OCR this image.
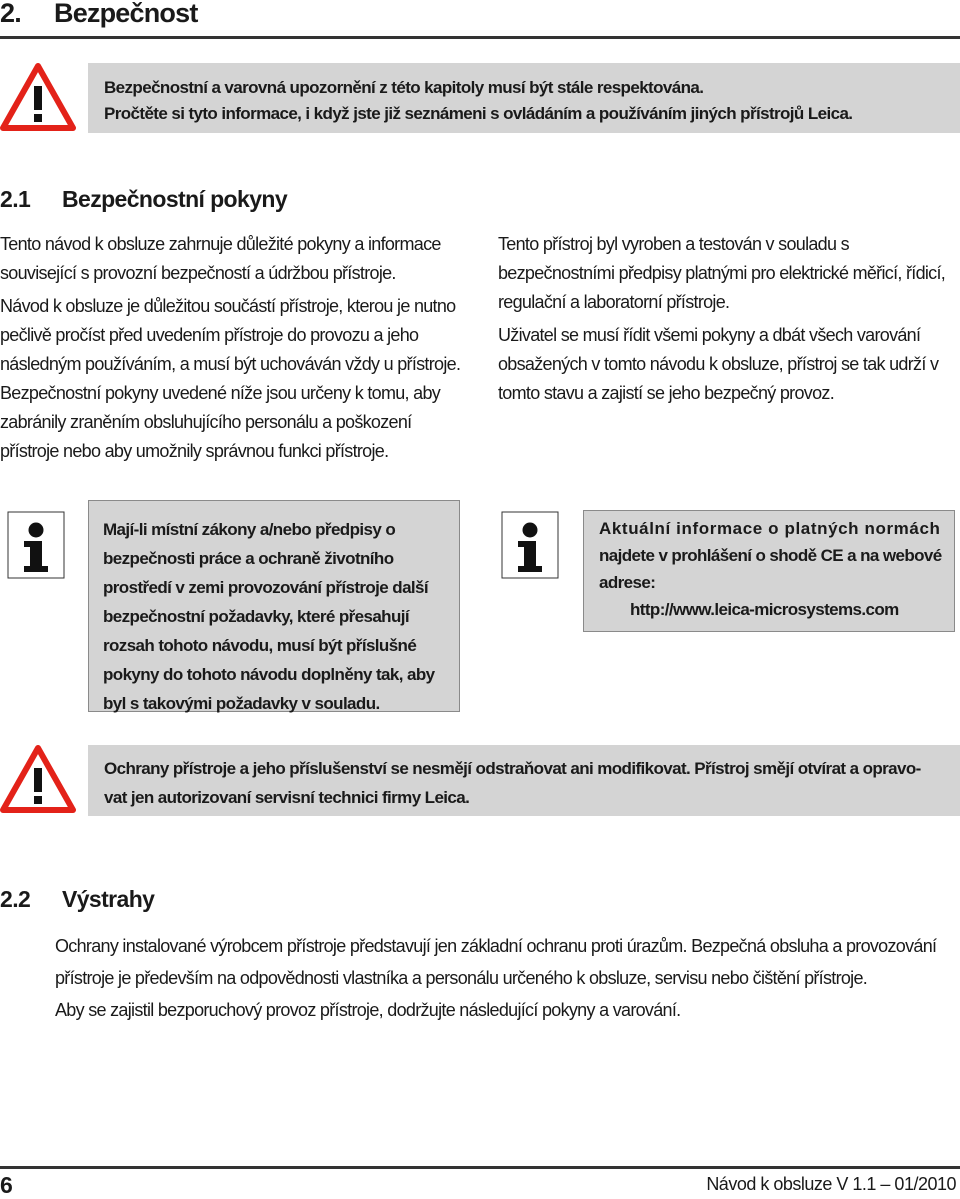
2. Bezpečnost
Bezpečnostní a varovná upozornění z této kapitoly musí být stále respektována.
Pročtěte si tyto informace, i když jste již seznámeni s ovládáním a používáním jiných přístrojů Leica.
2.1 Bezpečnostní pokyny

Tento návod k obsluze zahrnuje důležité pokyny a informace související s provozní bezpečností a údržbou přístroje.

Návod k obsluze je důležitou součástí přístroje, kterou je nutno pečlivě pročíst před uvedením přístroje do provozu a jeho následným používáním, a musí být uchováván vždy u přístroje.

Bezpečnostní pokyny uvedené níže jsou určeny k tomu, aby zabránily zraněním obsluhujícího personálu a poškození přístroje nebo aby umožnily správnou funkci přístroje.

Tento přístroj byl vyroben a testován v souladu s bezpečnostními předpisy platnými pro elektrické měřicí, řídicí, regulační a laboratorní přístroje.

Uživatel se musí řídit všemi pokyny a dbát všech varování obsažených v tomto návodu k obsluze, přístroj se tak udrží v tomto stavu a zajistí se jeho bezpečný provoz.

Mají-li místní zákony a/nebo předpisy o bezpečnosti práce a ochraně životního prostředí v zemi provozování přístroje další bezpečnostní požadavky, které přesahují rozsah tohoto návodu, musí být příslušné pokyny do tohoto návodu doplněny tak, aby byl s takovými požadavky v souladu.
Aktuální informace o platných normách
najdete v prohlášení o shodě CE a na webové
adrese:
http://www.leica-microsystems.com
Ochrany přístroje a jeho příslušenství se nesmějí odstraňovat ani modifikovat. Přístroj smějí otvírat a opravo-
vat jen autorizovaní servisní technici firmy Leica.
2.2 Výstrahy
Ochrany instalované výrobcem přístroje představují jen základní ochranu proti úrazům. Bezpečná obsluha a provozování
přístroje je především na odpovědnosti vlastníka a personálu určeného k obsluze, servisu nebo čištění přístroje.
Aby se zajistil bezporuchový provoz přístroje, dodržujte následující pokyny a varování.
6	Návod k obsluze V 1.1 – 01/2010
